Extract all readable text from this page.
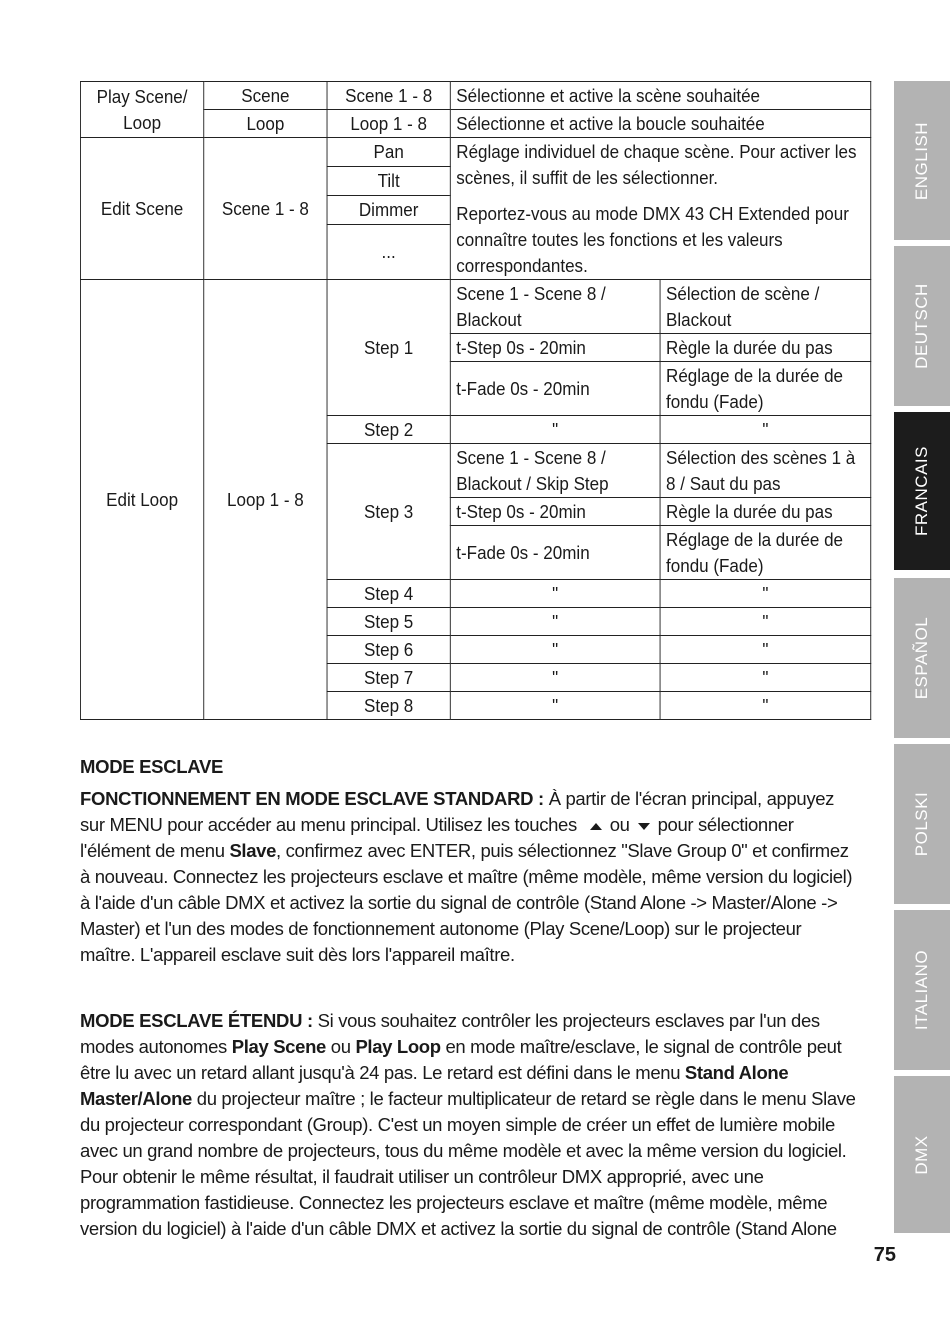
Play Scene/ Loop	Scene	Scene 1 - 8	Sélectionne et active la scène souhaitée	
	Loop	Loop 1 - 8	Sélectionne et active la boucle souhaitée	
Edit Scene	Scene 1 - 8	Pan	Réglage individuel de chaque scène. Pour activer les scènes, il suffit de les sélectionner.
Reportez-vous au mode DMX 43 CH Extended pour connaître toutes les fonctions et les valeurs correspondantes.	
		Tilt		
		Dimmer		
		...		
Edit Loop	Loop 1 - 8	Step 1	Scene 1 - Scene 8 / Blackout	Sélection de scène / Blackout
			t-Step 0s - 20min	Règle la durée du pas
			t-Fade 0s - 20min	Réglage de la durée de fondu (Fade)
		Step 2	"	"
		Step 3	Scene 1 - Scene 8 / Blackout / Skip Step	Sélection des scènes 1 à 8 / Saut du pas
			t-Step 0s - 20min	Règle la durée du pas
			t-Fade 0s - 20min	Réglage de la durée de fondu (Fade)
		Step 4	"	"
		Step 5	"	"
		Step 6	"	"
		Step 7	"	"
		Step 8	"	"

MODE ESCLAVE

FONCTIONNEMENT EN MODE ESCLAVE STANDARD : À partir de l'écran principal, appuyez sur MENU pour accéder au menu principal. Utilisez les touches ou pour sélectionner l'élément de menu Slave, confirmez avec ENTER, puis sélectionnez "Slave Group 0" et confirmez à nouveau. Connectez les projecteurs esclave et maître (même modèle, même version du logiciel) à l'aide d'un câble DMX et activez la sortie du signal de contrôle (Stand Alone -> Master/Alone -> Master) et l'un des modes de fonctionnement autonome (Play Scene/Loop) sur le projecteur maître. L'appareil esclave suit dès lors l'appareil maître.

MODE ESCLAVE ÉTENDU : Si vous souhaitez contrôler les projecteurs esclaves par l'un des modes autonomes Play Scene ou Play Loop en mode maître/esclave, le signal de contrôle peut être lu avec un retard allant jusqu'à 24 pas. Le retard est défini dans le menu Stand Alone Master/Alone du projecteur maître ; le facteur multiplicateur de retard se règle dans le menu Slave du projecteur correspondant (Group). C'est un moyen simple de créer un effet de lumière mobile avec un grand nombre de projecteurs, tous du même modèle et avec la même version du logiciel. Pour obtenir le même résultat, il faudrait utiliser un contrôleur DMX approprié, avec une programmation fastidieuse. Connectez les projecteurs esclave et maître (même modèle, même version du logiciel) à l'aide d'un câble DMX et activez la sortie du signal de contrôle (Stand Alone

ENGLISH
DEUTSCH
FRANCAIS
ESPAÑOL
POLSKI
ITALIANO
DMX
75
